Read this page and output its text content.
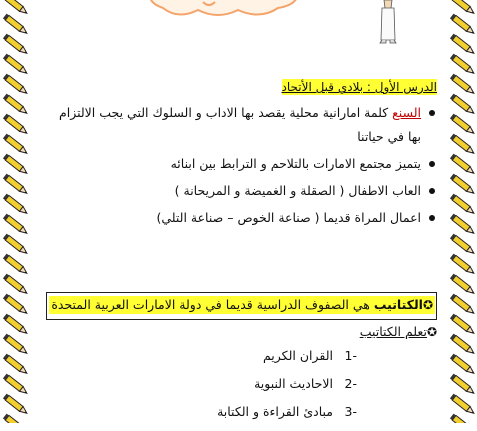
الدرس الأول : بلادي قبل الأتحاد
السنع كلمة امارانية محلية يقصد بها الاداب و السلوك التي يجب الالتزام بها في حياتنا
يتميز مجتمع الامارات بالتلاحم و الترابط بين ابنائه
العاب الاطفال ( الصقلة و الغميضة و المريحانة )
اعمال المراة قديما ( صناعة الخوص – صناعة التلي)
✪الكتاتيب هي الصفوف الدراسية قديما في دولة الامارات العربية المتحدة
✪تعلم الكتاتيب
-1
القران الكريم
-2
الاحاديث النبوية
-3
مبادئ القراءة و الكتابة
